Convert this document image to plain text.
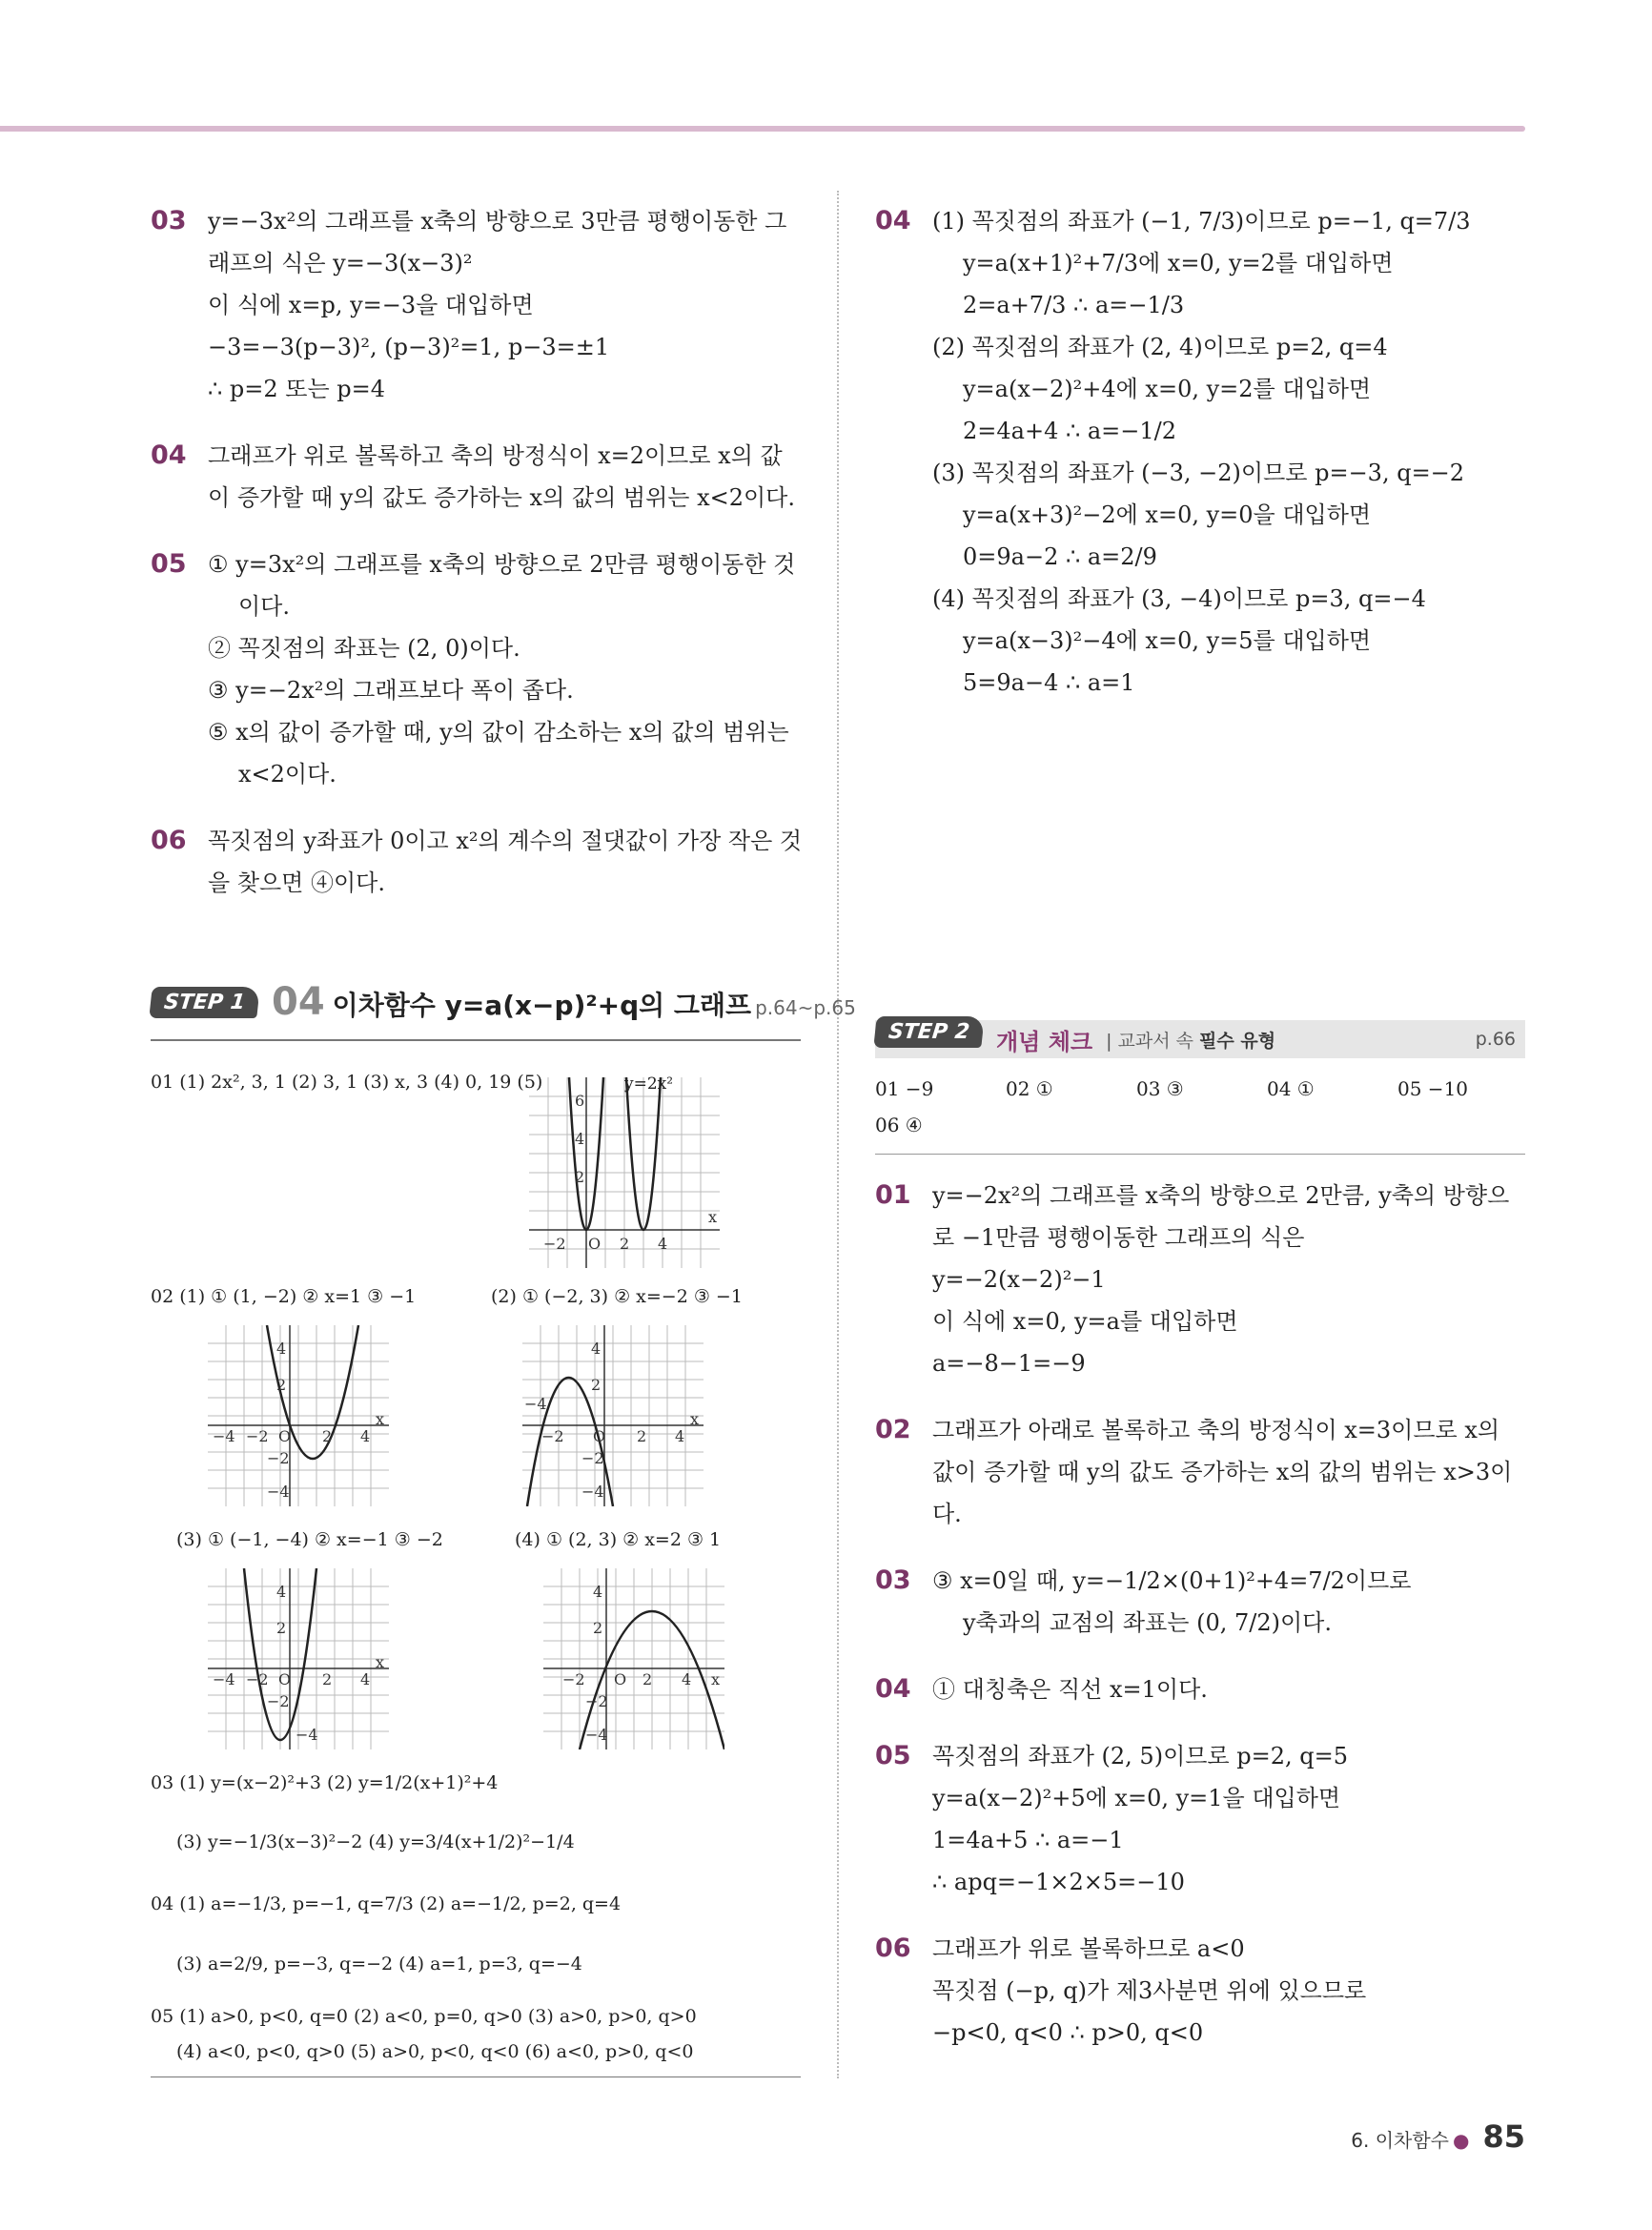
03 y=−3x²의 그래프를 x축의 방향으로 3만큼 평행이동한 그
래프의 식은 y=−3(x−3)²
이 식에 x=p, y=−3을 대입하면
−3=−3(p−3)², (p−3)²=1, p−3=±1
∴ p=2 또는 p=4
04 그래프가 위로 볼록하고 축의 방정식이 x=2이므로 x의 값
이 증가할 때 y의 값도 증가하는 x의 값의 범위는 x<2이다.
05 ① y=3x²의 그래프를 x축의 방향으로 2만큼 평행이동한 것
이다.
② 꼭짓점의 좌표는 (2, 0)이다.
③ y=−2x²의 그래프보다 폭이 좁다.
⑤ x의 값이 증가할 때, y의 값이 감소하는 x의 값의 범위는
x<2이다.
06 꼭짓점의 y좌표가 0이고 x²의 계수의 절댓값이 가장 작은 것
을 찾으면 ④이다.
04 (1) 꼭짓점의 좌표가 (−1, 7/3)이므로 p=−1, q=7/3
y=a(x+1)²+7/3에 x=0, y=2를 대입하면
2=a+7/3 ∴ a=−1/3
(2) 꼭짓점의 좌표가 (2, 4)이므로 p=2, q=4
y=a(x−2)²+4에 x=0, y=2를 대입하면
2=4a+4 ∴ a=−1/2
(3) 꼭짓점의 좌표가 (−3, −2)이므로 p=−3, q=−2
y=a(x+3)²−2에 x=0, y=0을 대입하면
0=9a−2 ∴ a=2/9
(4) 꼭짓점의 좌표가 (3, −4)이므로 p=3, q=−4
y=a(x−3)²−4에 x=0, y=5를 대입하면
5=9a−4 ∴ a=1
STEP 1 04 이차함수 y=a(x−p)²+q의 그래프 p.64~p.65
01 (1) 2x², 3, 1 (2) 3, 1 (3) x, 3 (4) 0, 19 (5)
6
4
2
−2 O 2 4
x
y=2x²
02 (1) ① (1, −2) ② x=1 ③ −1	(2) ① (−2, 3) ② x=−2 ③ −1
−4 −2 O 2 4
x
4
2
−2
−4
−2 O 2 4
x
4
2
−2
−4
−4
(3) ① (−1, −4) ② x=−1 ③ −2	(4) ① (2, 3) ② x=2 ③ 1
−4 −2 O 2 4
x
4
2
−2
−4
−2 O 2 4 x
4
2
−2
−4
03 (1) y=(x−2)²+3 (2) y=1/2(x+1)²+4
(3) y=−1/3(x−3)²−2 (4) y=3/4(x+1/2)²−1/4
04 (1) a=−1/3, p=−1, q=7/3 (2) a=−1/2, p=2, q=4
(3) a=2/9, p=−3, q=−2 (4) a=1, p=3, q=−4
05 (1) a>0, p<0, q=0 (2) a<0, p=0, q>0 (3) a>0, p>0, q>0
(4) a<0, p<0, q>0 (5) a>0, p<0, q<0 (6) a<0, p>0, q<0
STEP 2	개념 체크 | 교과서 속 필수 유형	p.66
01 −9	02 ①	03 ③	04 ①	05 −10
06 ④
01 y=−2x²의 그래프를 x축의 방향으로 2만큼, y축의 방향으
로 −1만큼 평행이동한 그래프의 식은
y=−2(x−2)²−1
이 식에 x=0, y=a를 대입하면
a=−8−1=−9
02 그래프가 아래로 볼록하고 축의 방정식이 x=3이므로 x의
값이 증가할 때 y의 값도 증가하는 x의 값의 범위는 x>3이
다.
03 ③ x=0일 때, y=−1/2×(0+1)²+4=7/2이므로
y축과의 교점의 좌표는 (0, 7/2)이다.
04 ① 대칭축은 직선 x=1이다.
05 꼭짓점의 좌표가 (2, 5)이므로 p=2, q=5
y=a(x−2)²+5에 x=0, y=1을 대입하면
1=4a+5 ∴ a=−1
∴ apq=−1×2×5=−10
06 그래프가 위로 볼록하므로 a<0
꼭짓점 (−p, q)가 제3사분면 위에 있으므로
−p<0, q<0 ∴ p>0, q<0
6. 이차함수 ● 85
